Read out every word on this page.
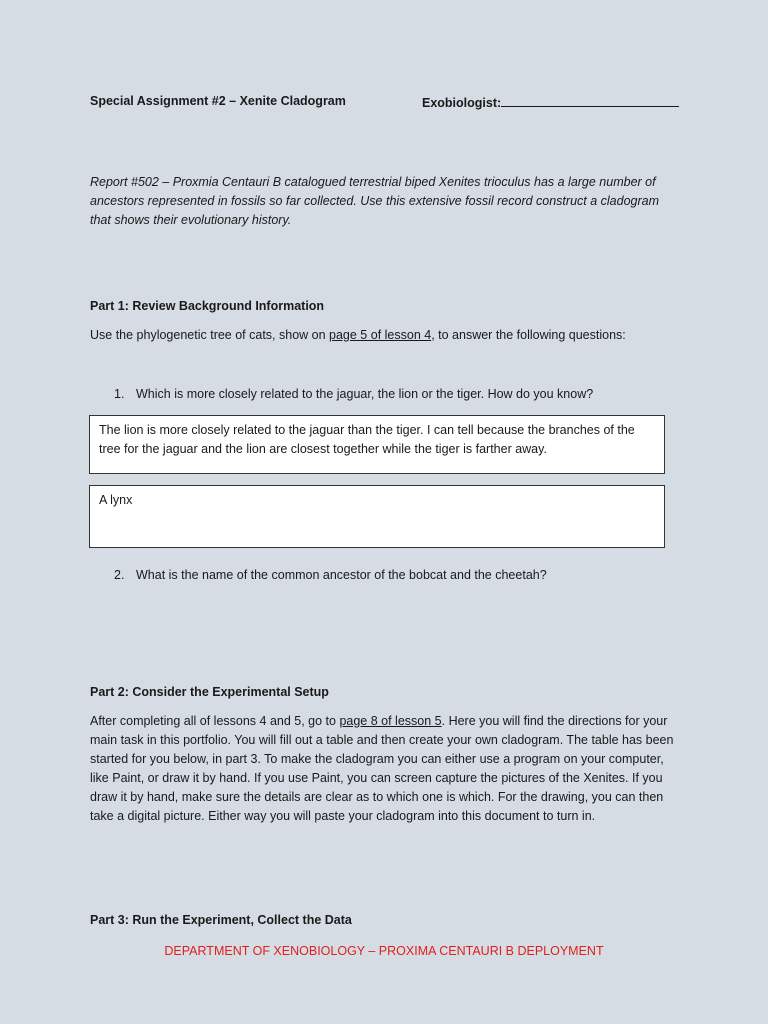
Special Assignment #2 – Xenite Cladogram	Exobiologist:
Report #502 – Proxmia Centauri B catalogued terrestrial biped Xenites trioculus has a large number of ancestors represented in fossils so far collected. Use this extensive fossil record construct a cladogram that shows their evolutionary history.
Part 1: Review Background Information
Use the phylogenetic tree of cats, show on page 5 of lesson 4, to answer the following questions:
1. Which is more closely related to the jaguar, the lion or the tiger. How do you know?
The lion is more closely related to the jaguar than the tiger. I can tell because the branches of the tree for the jaguar and the lion are closest together while the tiger is farther away.
A lynx
2. What is the name of the common ancestor of the bobcat and the cheetah?
Part 2: Consider the Experimental Setup
After completing all of lessons 4 and 5, go to page 8 of lesson 5. Here you will find the directions for your main task in this portfolio. You will fill out a table and then create your own cladogram. The table has been started for you below, in part 3. To make the cladogram you can either use a program on your computer, like Paint, or draw it by hand. If you use Paint, you can screen capture the pictures of the Xenites. If you draw it by hand, make sure the details are clear as to which one is which. For the drawing, you can then take a digital picture. Either way you will paste your cladogram into this document to turn in.
Part 3: Run the Experiment, Collect the Data
DEPARTMENT OF XENOBIOLOGY – PROXIMA CENTAURI B DEPLOYMENT
